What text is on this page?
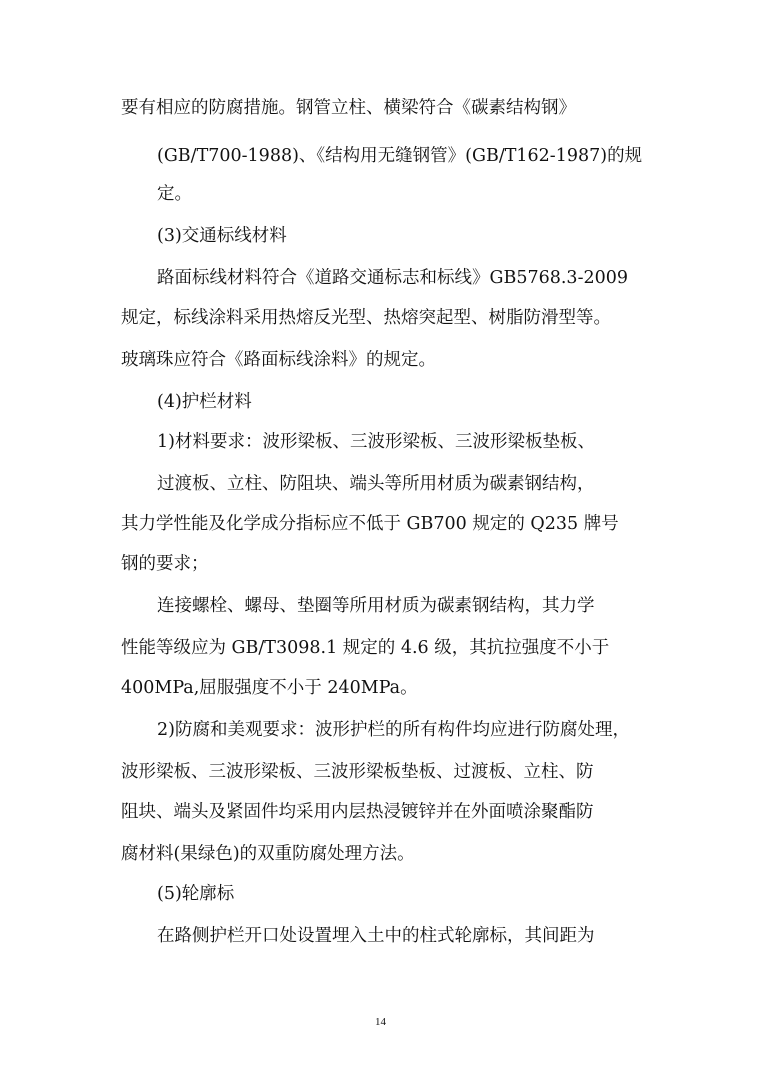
要有相应的防腐措施。钢管立柱、横梁符合《碳素结构钢》
(GB/T700-1988)、《结构用无缝钢管》(GB/T162-1987)的规
定。
(3)交通标线材料
路面标线材料符合《道路交通标志和标线》GB5768.3-2009
规定，标线涂料采用热熔反光型、热熔突起型、树脂防滑型等。
玻璃珠应符合《路面标线涂料》的规定。
(4)护栏材料
1)材料要求：波形梁板、三波形梁板、三波形梁板垫板、
过渡板、立柱、防阻块、端头等所用材质为碳素钢结构，
其力学性能及化学成分指标应不低于 GB700 规定的 Q235 牌号
钢的要求；
连接螺栓、螺母、垫圈等所用材质为碳素钢结构，其力学
性能等级应为 GB/T3098.1 规定的 4.6 级，其抗拉强度不小于
400MPa,屈服强度不小于 240MPa。
2)防腐和美观要求：波形护栏的所有构件均应进行防腐处理，
波形梁板、三波形梁板、三波形梁板垫板、过渡板、立柱、防
阻块、端头及紧固件均采用内层热浸镀锌并在外面喷涂聚酯防
腐材料(果绿色)的双重防腐处理方法。
(5)轮廓标
在路侧护栏开口处设置埋入土中的柱式轮廓标，其间距为
14
